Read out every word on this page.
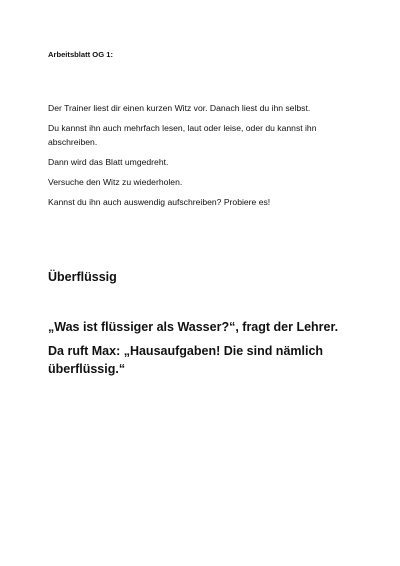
Arbeitsblatt OG 1:

Der Trainer liest dir einen kurzen Witz vor. Danach liest du ihn selbst.

Du kannst ihn auch mehrfach lesen, laut oder leise, oder du kannst ihn abschreiben.

Dann wird das Blatt umgedreht.

Versuche den Witz zu wiederholen.

Kannst du ihn auch auswendig aufschreiben? Probiere es!

Überflüssig

„Was ist flüssiger als Wasser?“, fragt der Lehrer.

Da ruft Max: „Hausaufgaben! Die sind nämlich überflüssig.“
